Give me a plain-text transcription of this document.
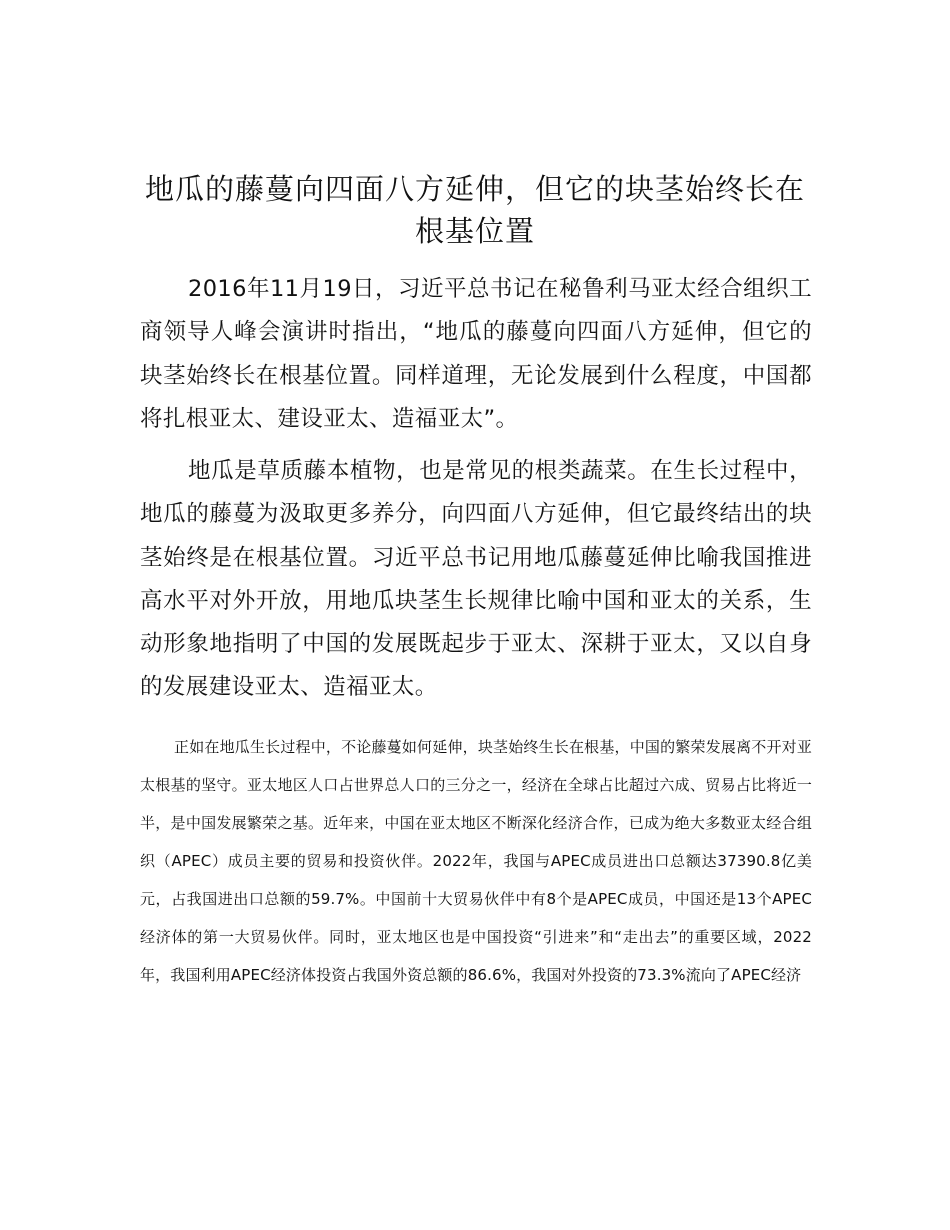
地瓜的藤蔓向四面八方延伸，但它的块茎始终长在根基位置

2016年11月19日，习近平总书记在秘鲁利马亚太经合组织工商领导人峰会演讲时指出，“地瓜的藤蔓向四面八方延伸，但它的块茎始终长在根基位置。同样道理，无论发展到什么程度，中国都将扎根亚太、建设亚太、造福亚太”。

地瓜是草质藤本植物，也是常见的根类蔬菜。在生长过程中，地瓜的藤蔓为汲取更多养分，向四面八方延伸，但它最终结出的块茎始终是在根基位置。习近平总书记用地瓜藤蔓延伸比喻我国推进高水平对外开放，用地瓜块茎生长规律比喻中国和亚太的关系，生动形象地指明了中国的发展既起步于亚太、深耕于亚太，又以自身的发展建设亚太、造福亚太。

正如在地瓜生长过程中，不论藤蔓如何延伸，块茎始终生长在根基，中国的繁荣发展离不开对亚太根基的坚守。亚太地区人口占世界总人口的三分之一，经济在全球占比超过六成、贸易占比将近一半，是中国发展繁荣之基。近年来，中国在亚太地区不断深化经济合作，已成为绝大多数亚太经合组织（APEC）成员主要的贸易和投资伙伴。2022年，我国与APEC成员进出口总额达37390.8亿美元，占我国进出口总额的59.7%。中国前十大贸易伙伴中有8个是APEC成员，中国还是13个APEC经济体的第一大贸易伙伴。同时，亚太地区也是中国投资“引进来”和“走出去”的重要区域，2022年，我国利用APEC经济体投资占我国外资总额的86.6%，我国对外投资的73.3%流向了APEC经济
